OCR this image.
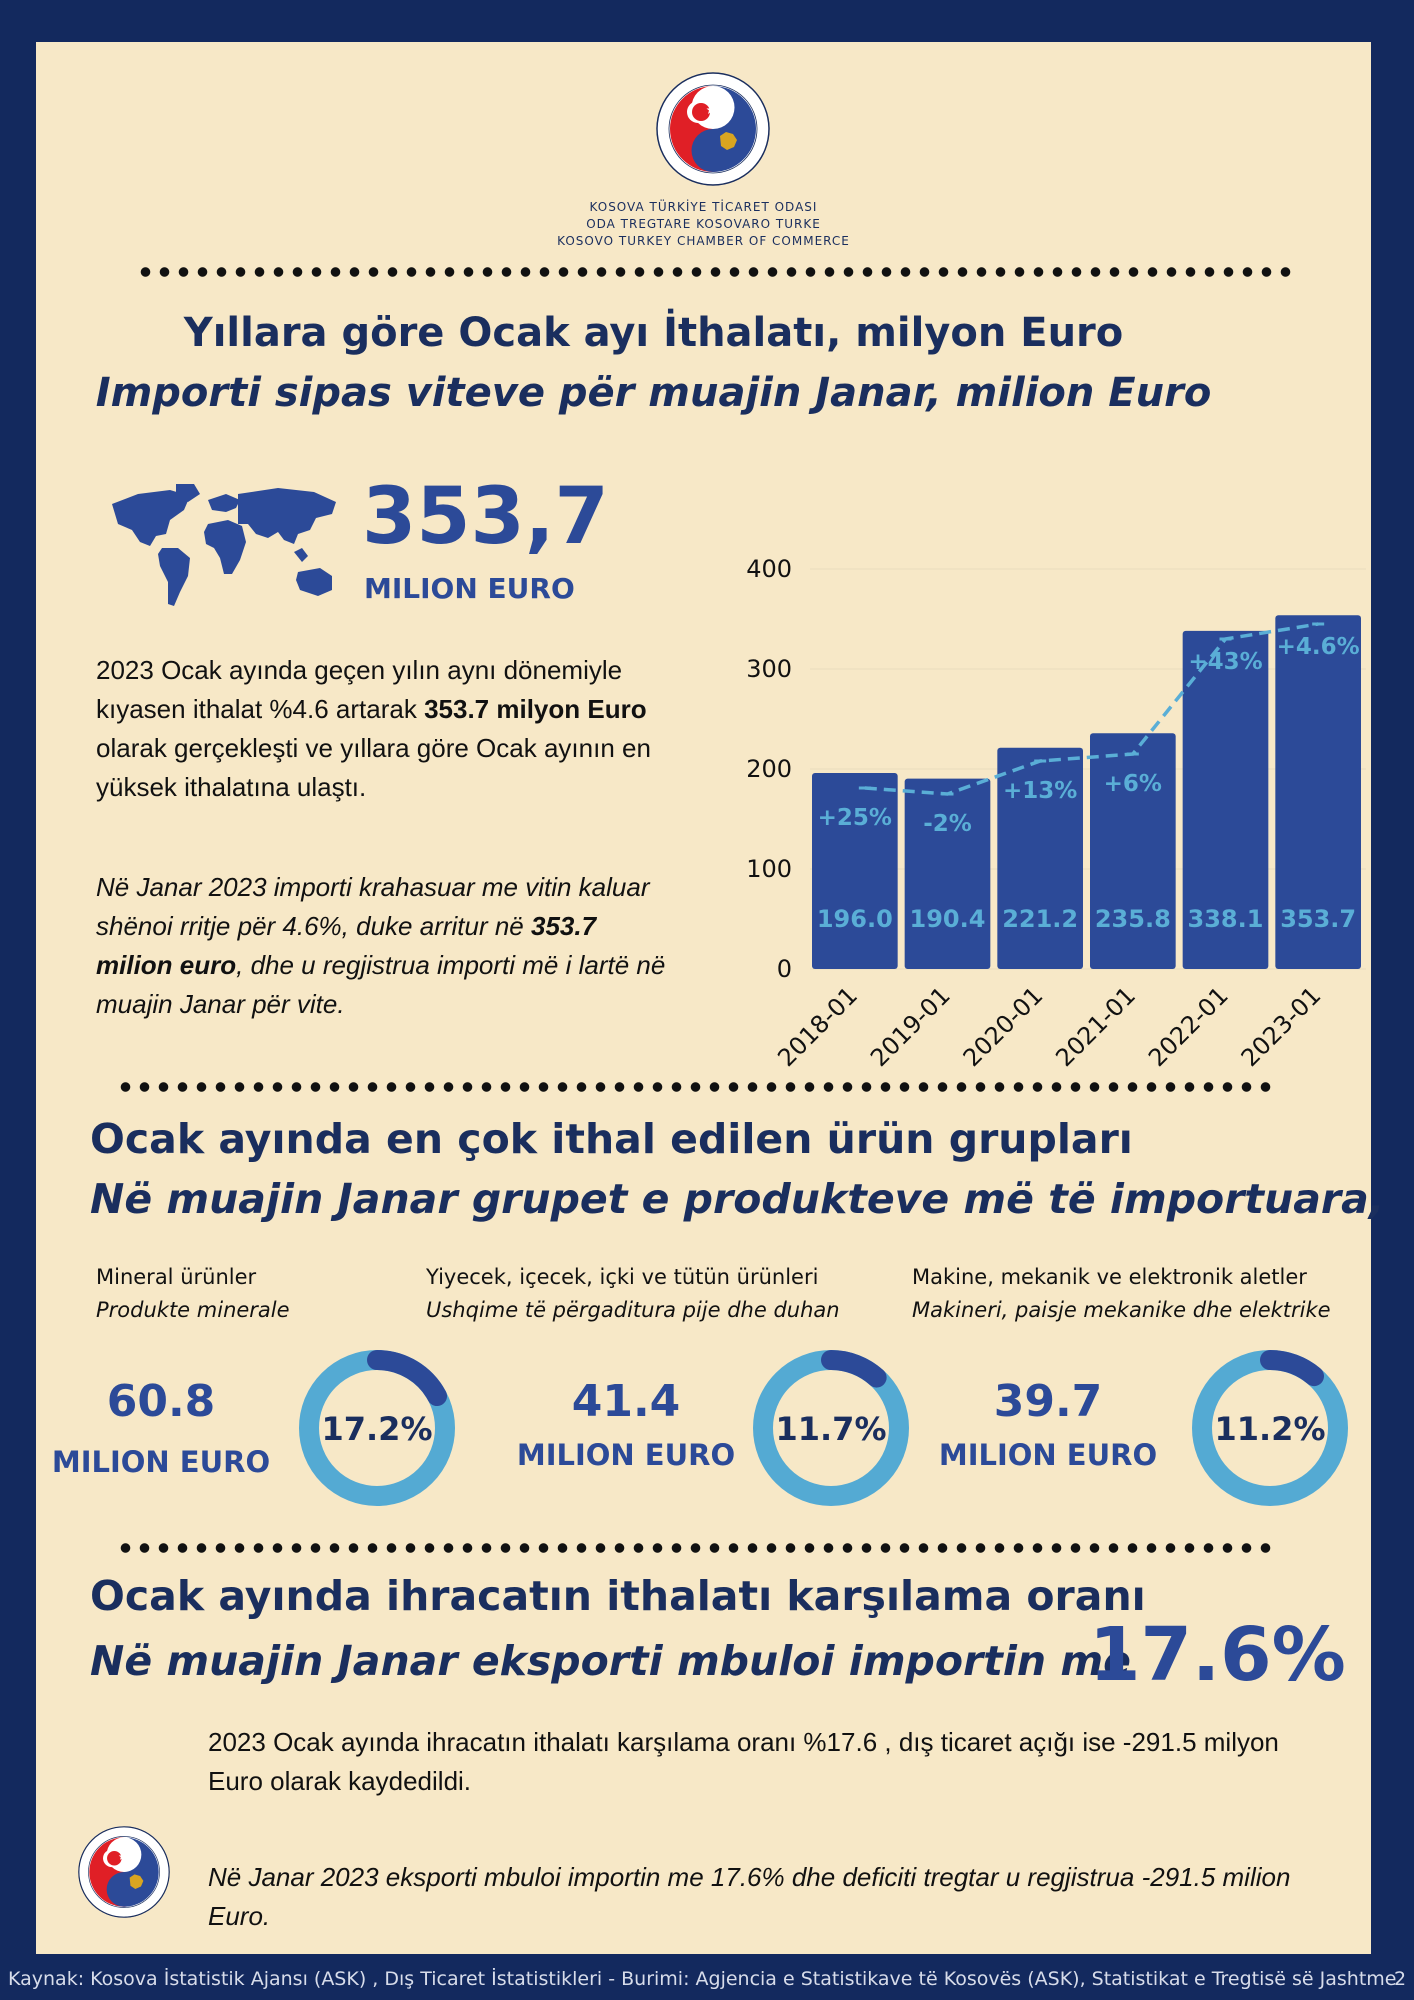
KOSOVA TÜRKİYE TİCARET ODASI
ODA TREGTARE KOSOVARO TURKE
KOSOVO TURKEY CHAMBER OF COMMERCE
Yıllara göre Ocak ayı İthalatı, milyon Euro
Importi sipas viteve për muajin Janar, milion Euro
353,7
MILION EURO
2023 Ocak ayında geçen yılın aynı dönemiyle kıyasen ithalat %4.6 artarak 353.7 milyon Euro olarak gerçekleşti ve yıllara göre Ocak ayının en yüksek ithalatına ulaştı.
Në Janar 2023 importi krahasuar me vitin kaluar shënoi rritje për 4.6%, duke arritur në 353.7 milion euro, dhe u regjistrua importi më i lartë në muajin Janar për vite.
0
100
200
300
400
196.0
+25%
2018-01
190.4
-2%
2019-01
221.2
+13%
2020-01
235.8
+6%
2021-01
338.1
+43%
2022-01
353.7
+4.6%
2023-01
Ocak ayında en çok ithal edilen ürün grupları
Në muajin Janar grupet e produkteve më të importuara,
Mineral ürünler
Produkte minerale
60.8
MILION EURO
17.2%
Yiyecek, içecek, içki ve tütün ürünleri
Ushqime të përgaditura pije dhe duhan
41.4
MILION EURO
11.7%
Makine, mekanik ve elektronik aletler
Makineri, paisje mekanike dhe elektrike
39.7
MILION EURO
11.2%
Ocak ayında ihracatın ithalatı karşılama oranı
Në muajin Janar eksporti mbuloi importin me
17.6%
2023 Ocak ayında ihracatın ithalatı karşılama oranı %17.6 , dış ticaret açığı ise -291.5 milyon Euro olarak kaydedildi.
Në Janar 2023 eksporti mbuloi importin me 17.6% dhe deficiti tregtar u regjistrua -291.5 milion Euro.
Kaynak: Kosova İstatistik Ajansı (ASK) , Dış Ticaret İstatistikleri - Burimi: Agjencia e Statistikave të Kosovës (ASK), Statistikat e Tregtisë së Jashtme
2
